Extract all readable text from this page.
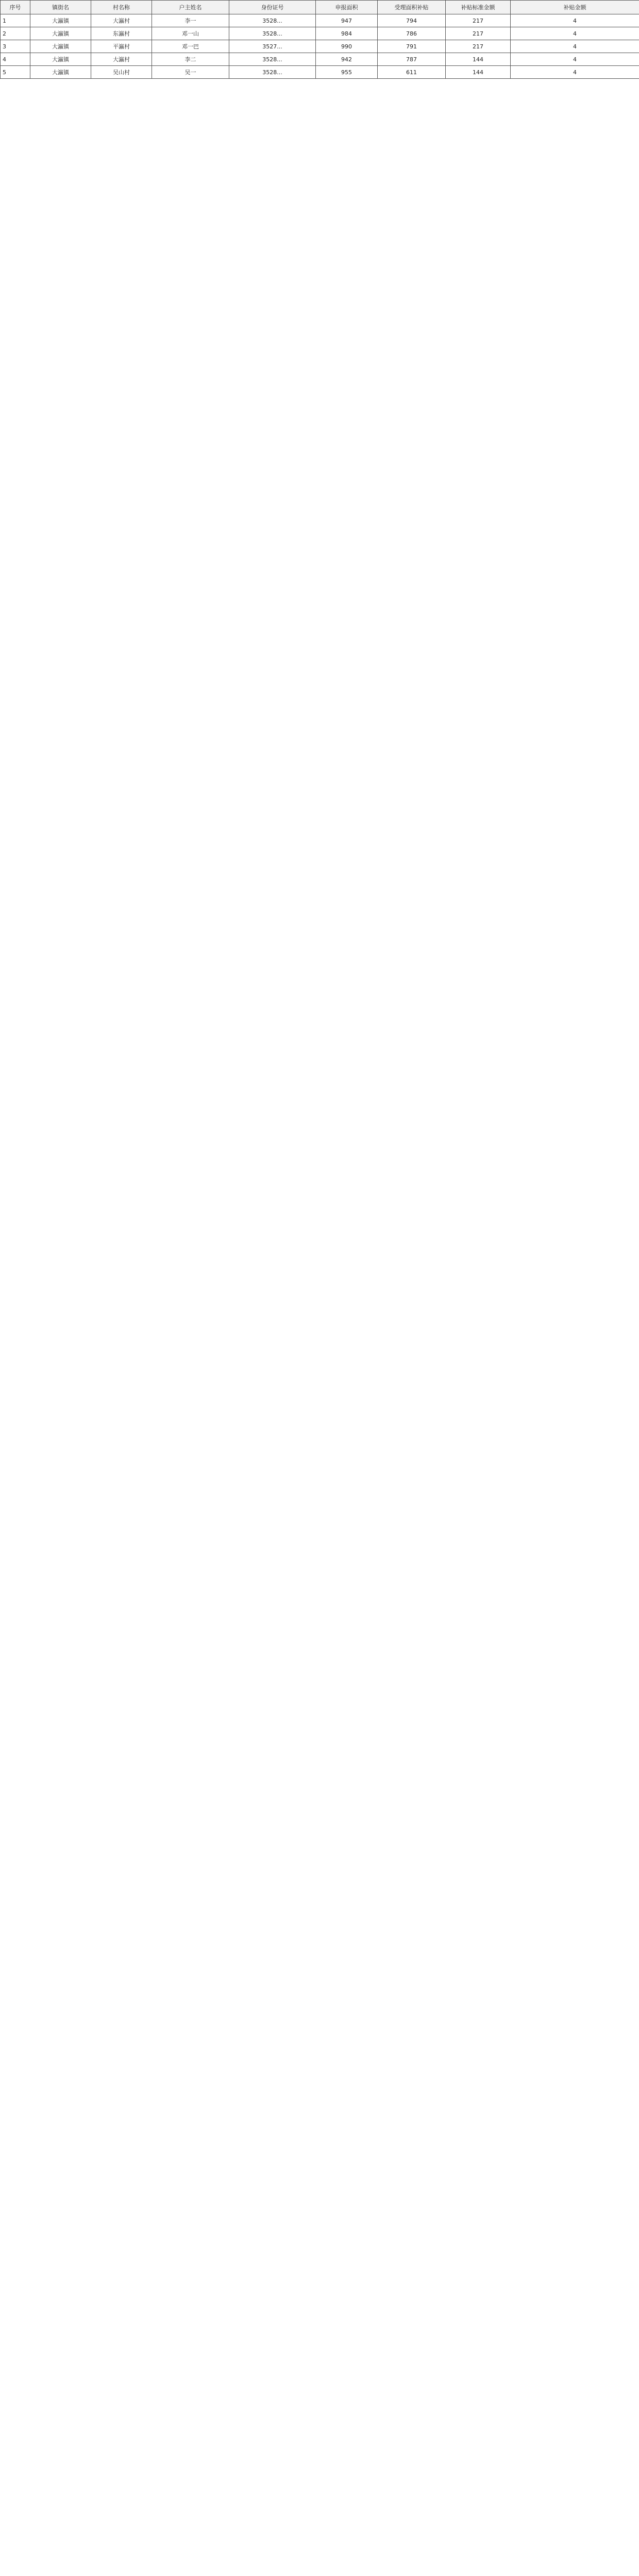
序号	镇街名	村名称	户主姓名	身份证号	申报面积	受理面积补贴	补贴标准金额	补贴金额
1	大瀛镇	大瀛村	李一	3528...	947	794	217	4
2	大瀛镇	东瀛村	邓一山	3528...	984	786	217	4
3	大瀛镇	平瀛村	邓一巴	3527...	990	791	217	4
4	大瀛镇	大瀛村	李二	3528...	942	787	144	4
5	大瀛镇	吴山村	吴一	3528...	955	611	144	4
